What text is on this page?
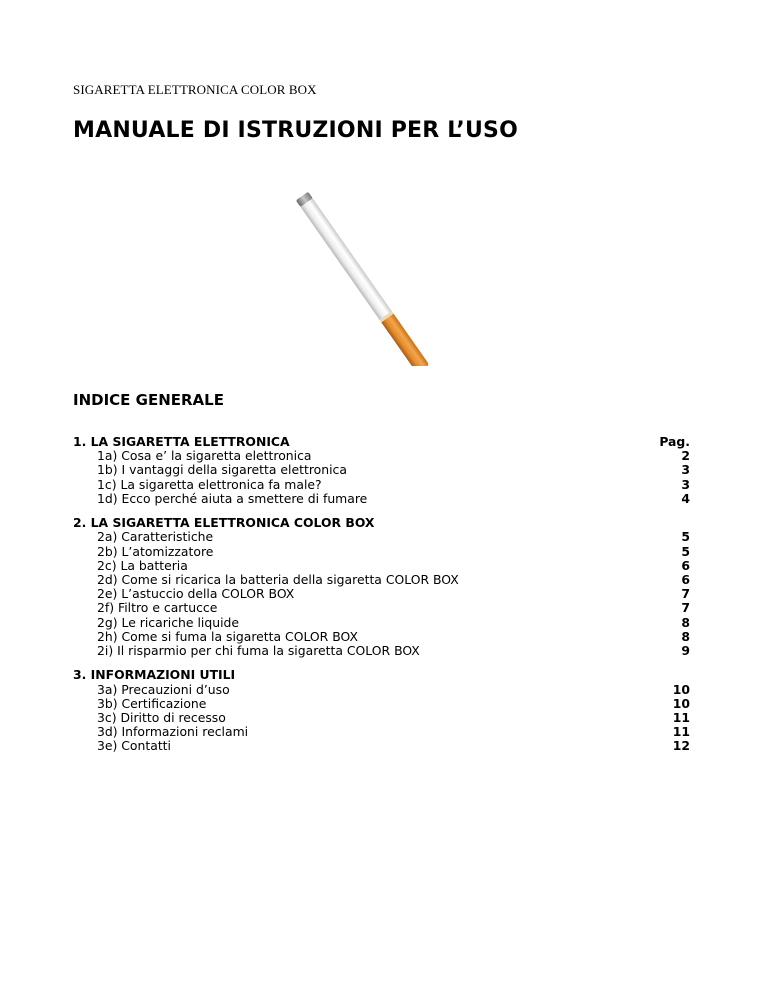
SIGARETTA ELETTRONICA COLOR BOX
MANUALE DI ISTRUZIONI PER L’USO
INDICE GENERALE
1. LA SIGARETTA ELETTRONICA	Pag.
1a) Cosa e’ la sigaretta elettronica	2
1b) I vantaggi della sigaretta elettronica	3
1c) La sigaretta elettronica fa male?	3
1d) Ecco perché aiuta a smettere di fumare	4
2. LA SIGARETTA ELETTRONICA COLOR BOX
2a) Caratteristiche	5
2b) L’atomizzatore	5
2c) La batteria	6
2d) Come si ricarica la batteria della sigaretta COLOR BOX	6
2e) L’astuccio della COLOR BOX	7
2f) Filtro e cartucce	7
2g) Le ricariche liquide	8
2h) Come si fuma la sigaretta COLOR BOX	8
2i) Il risparmio per chi fuma la sigaretta COLOR BOX	9
3. INFORMAZIONI UTILI
3a) Precauzioni d’uso	10
3b) Certificazione	10
3c) Diritto di recesso	11
3d) Informazioni reclami	11
3e) Contatti	12
